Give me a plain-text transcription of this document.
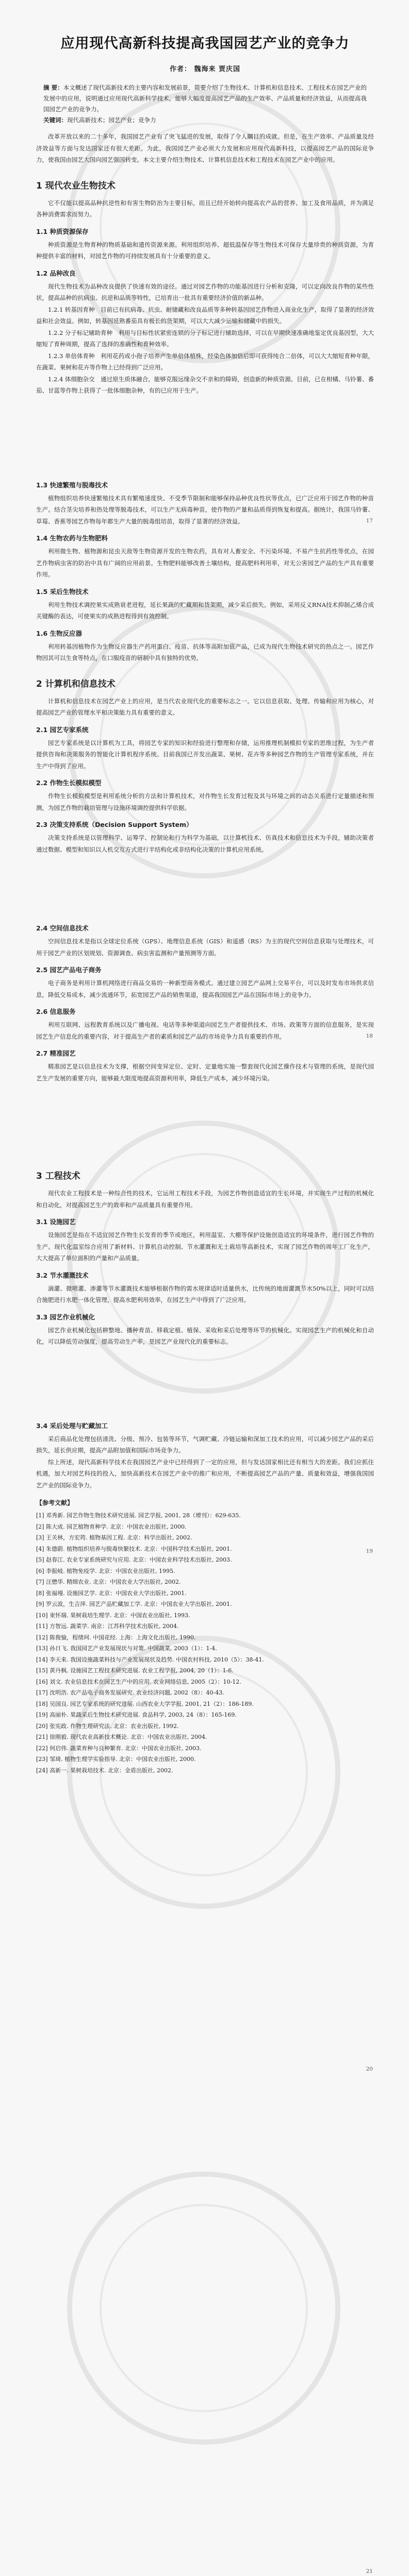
17
18
19
20
21
应用现代高新科技提高我国园艺产业的竞争力
作者： 魏海来 贾庆国
摘 要：本文概述了现代高新技术的主要内容和发展前景，简要介绍了生物技术、计算机和信息技术、工程技术在园艺产业的发展中的应用，说明通过应用现代高新科学技术，能够大幅度提高园艺产品的生产效率、产品质量和经济效益，从而提高我国园艺产业的竞争力。
关键词：现代高新技术；园艺产业；竞争力

改革开放以来的二十多年，我国园艺产业有了突飞猛进的发展，取得了令人瞩目的成就。但是，在生产效率、产品质量及经济效益等方面与发达国家还有很大差距。为此，我国园艺产业必须大力发展和应用现代高新科技，以提高园艺产品的国际竞争力，使我国由园艺大国向园艺强国转变。本文主要介绍生物技术、计算机信息技术和工程技术在园艺产业中的应用。

1 现代农业生物技术

它不仅能以提高品种抗逆性和有害生物防治为主要目标，而且已经开始转向提高农产品的营养、加工及食用品质，并为满足各种消费需求而努力。

1.1 种质资源保存

种质资源是生物育种的物质基础和遗传资源来源。利用组织培养、超低温保存等生物技术可保存大量珍贵的种质资源，为育种提供丰富的材料，对园艺作物的可持续发展具有十分重要的意义。

1.2 品种改良

现代生物技术为品种改良提供了快速有效的途径。通过对园艺作物的功能基因进行分析和克隆，可以定向改良作物的某些性状，提高品种的抗病虫、抗逆和品质等特性，已培育出一批具有重要经济价值的新品种。

1.2.1 转基因育种　目前已有抗病毒、抗虫、耐储藏和改良品质等多种转基因园艺作物进入商业化生产，取得了显著的经济效益和社会效益。例如，转基因延熟番茄具有极长的货架期，可以大大减少运输和储藏中的损失。

1.2.2 分子标记辅助育种　利用与目标性状紧密连锁的分子标记进行辅助选择，可以在早期快速准确地鉴定优良基因型，大大缩短了育种周期，提高了选择的准确性和育种效率。

1.2.3 单倍体育种　利用花药或小孢子培养产生单倍体植株，经染色体加倍后即可获得纯合二倍体，可以大大缩短育种年限，在蔬菜、果树和花卉等作物上已经得到广泛应用。

1.2.4 体细胞杂交　通过原生质体融合，能够克服远缘杂交不亲和的障碍，创造新的种质资源。目前，已在柑橘、马铃薯、番茄、甘蓝等作物上获得了一批体细胞杂种，有的已应用于生产。

1.3 快速繁殖与脱毒技术

植物组织培养快速繁殖技术具有繁殖速度快、不受季节限制和能够保持品种优良性状等优点，已广泛应用于园艺作物的种苗生产。结合茎尖培养和热处理等脱毒技术，可以生产无病毒种苗，使作物的产量和品质得到恢复和提高。据统计，我国马铃薯、草莓、香蕉等园艺作物每年都生产大量的脱毒组培苗，取得了显著的经济效益。

1.4 生物农药与生物肥料

利用微生物、植物源和昆虫天敌等生物资源开发的生物农药，具有对人畜安全、不污染环境、不易产生抗药性等优点，在园艺作物病虫害的防治中具有广阔的应用前景。生物肥料能够改善土壤结构，提高肥料利用率，对无公害园艺产品的生产具有重要作用。

1.5 采后生物技术

利用生物技术调控果实成熟衰老进程，延长果蔬的贮藏期和货架期，减少采后损失。例如，采用反义RNA技术抑制乙烯合成关键酶的表达，可使果实的成熟进程得到有效控制。

1.6 生物反应器

利用转基因植物作为生物反应器生产药用蛋白、疫苗、抗体等高附加值产品，已成为现代生物技术研究的热点之一。园艺作物因其可以生食等特点，在口服疫苗的研制中具有独特的优势。

2 计算机和信息技术

计算机和信息技术在园艺产业上的应用，是当代农业现代化的重要标志之一。它以信息获取、处理、传输和应用为核心，对提高园艺产业的管理水平和决策能力具有重要的意义。

2.1 园艺专家系统

园艺专家系统是以计算机为工具，将园艺专家的知识和经验进行整理和存储，运用推理机制模拟专家的思维过程，为生产者提供咨询和决策服务的智能化计算机程序系统。目前我国已开发出蔬菜、果树、花卉等多种园艺作物的生产管理专家系统，并在生产中得到了应用。

2.2 作物生长模拟模型

作物生长模拟模型是利用系统分析的方法和计算机技术，对作物生长发育过程及其与环境之间的动态关系进行定量描述和预测，为园艺作物的栽培管理与设施环境调控提供科学依据。

2.3 决策支持系统（Decision Support System）

决策支持系统是以管理科学、运筹学、控制论和行为科学为基础，以计算机技术、仿真技术和信息技术为手段，辅助决策者通过数据、模型和知识以人机交互方式进行半结构化或非结构化决策的计算机应用系统。

2.4 空间信息技术

空间信息技术是指以全球定位系统（GPS）、地理信息系统（GIS）和遥感（RS）为主的现代空间信息获取与处理技术，可用于园艺产业的区划规划、资源调查、病虫害监测和产量预测等方面。

2.5 园艺产品电子商务

电子商务是利用计算机网络进行商品交易的一种新型商务模式。通过建立园艺产品网上交易平台，可以及时发布市场供求信息，降低交易成本，减少流通环节，拓宽园艺产品的销售渠道，提高我国园艺产品在国际市场上的竞争力。

2.6 信息服务

利用互联网、远程教育系统以及广播电视、电话等多种渠道向园艺生产者提供技术、市场、政策等方面的信息服务，是实现园艺生产信息化的重要内容，对于提高生产者的素质和园艺产品的市场竞争力具有重要的作用。

2.7 精准园艺

精准园艺是以信息技术为支撑，根据空间变异定位、定时、定量地实施一整套现代化园艺操作技术与管理的系统，是现代园艺生产发展的重要方向，能够最大限度地提高资源利用率，降低生产成本，减少环境污染。

3 工程技术

现代农业工程技术是一种综合性的技术，它运用工程技术手段，为园艺作物创造适宜的生长环境，并实现生产过程的机械化和自动化，对提高园艺生产的效率和产品质量具有重要作用。

3.1 设施园艺

设施园艺是指在不适宜园艺作物生长发育的季节或地区，利用温室、大棚等保护设施创造适宜的环境条件，进行园艺作物的生产。现代化温室综合应用了新材料、计算机自动控制、节水灌溉和无土栽培等高新技术，实现了园艺作物的周年工厂化生产，大大提高了单位面积的产量和产品质量。

3.2 节水灌溉技术

滴灌、微喷灌、渗灌等节水灌溉技术能够根据作物的需水规律适时适量供水，比传统的地面灌溉节水50%以上，同时可以结合施肥进行水肥一体化管理，提高水肥利用效率，在园艺生产中得到了广泛应用。

3.3 园艺作业机械化

园艺作业机械化包括耕整地、播种育苗、移栽定植、植保、采收和采后处理等环节的机械化。实现园艺生产的机械化和自动化，可以降低劳动强度，提高劳动生产率，是园艺产业现代化的重要标志。

3.4 采后处理与贮藏加工

采后商品化处理包括清洗、分级、预冷、包装等环节，气调贮藏、冷链运输和深加工技术的应用，可以减少园艺产品的采后损失，延长供应期，提高产品附加值和国际市场竞争力。

综上所述，现代高新科学技术在我国园艺产业中已经得到了一定的应用，但与发达国家相比还有相当大的差距。我们应抓住机遇，加大对园艺科技的投入，加快高新技术在园艺产业中的推广和应用，不断提高园艺产品的产量、质量和效益，增强我国园艺产业的国际竞争力。

【参考文献】
[1] 邓秀新. 园艺作物生物技术研究进展. 园艺学报, 2001, 28（增刊）：629-635.
[2] 陈大成. 园艺植物育种学. 北京：中国农业出版社, 2000.
[3] 王关林，方宏筠. 植物基因工程. 北京：科学出版社, 2002.
[4] 朱德蔚. 植物组织培养与脱毒快繁技术. 北京：中国科学技术出版社, 2001.
[5] 赵春江. 农业专家系统研究与应用. 北京：中国农业科学技术出版社, 2003.
[6] 李振岐. 植物免疫学. 北京：中国农业出版社, 1995.
[7] 汪懋华. 精细农业. 北京：中国农业大学出版社, 2002.
[8] 张福墁. 设施园艺学. 北京：中国农业大学出版社, 2001.
[9] 罗云波，生吉萍. 园艺产品贮藏加工学. 北京：中国农业大学出版社, 2001.
[10] 束怀瑞. 果树栽培生理学. 北京：中国农业出版社, 1993.
[11] 方智远. 蔬菜学. 南京：江苏科学技术出版社, 2004.
[12] 陈俊愉，程绪珂. 中国花经. 上海：上海文化出版社, 1990.
[13] 孙日飞. 我国园艺产业发展现状与对策. 中国蔬菜, 2003（1）：1-4.
[14] 李天来. 我国设施蔬菜科技与产业发展现状及趋势. 中国农村科技, 2010（5）：38-41.
[15] 黄丹枫. 设施园艺工程技术研究进展. 农业工程学报, 2004, 20（1）：1-6.
[16] 刘文. 农业信息技术在园艺生产中的应用. 农业网络信息, 2005（2）：10-12.
[17] 沈明浩. 农产品电子商务发展研究. 农业经济问题, 2002（8）：40-43.
[18] 吴国良. 园艺专家系统的研究进展. 山西农业大学学报, 2001, 21（2）：186-189.
[19] 高丽朴. 果蔬采后生物技术研究进展. 食品科学, 2003, 24（8）：165-169.
[20] 张宪政. 作物生理研究法. 北京：农业出版社, 1992.
[21] 徐刚毅. 现代农业高新技术概论. 北京：中国农业出版社, 2004.
[22] 何启伟. 蔬菜育种与良种繁育. 北京：中国农业出版社, 2003.
[23] 邹琦. 植物生理学实验指导. 北京：中国农业出版社, 2000.
[24] 高新一. 果树栽培技术. 北京：金盾出版社, 2002.
